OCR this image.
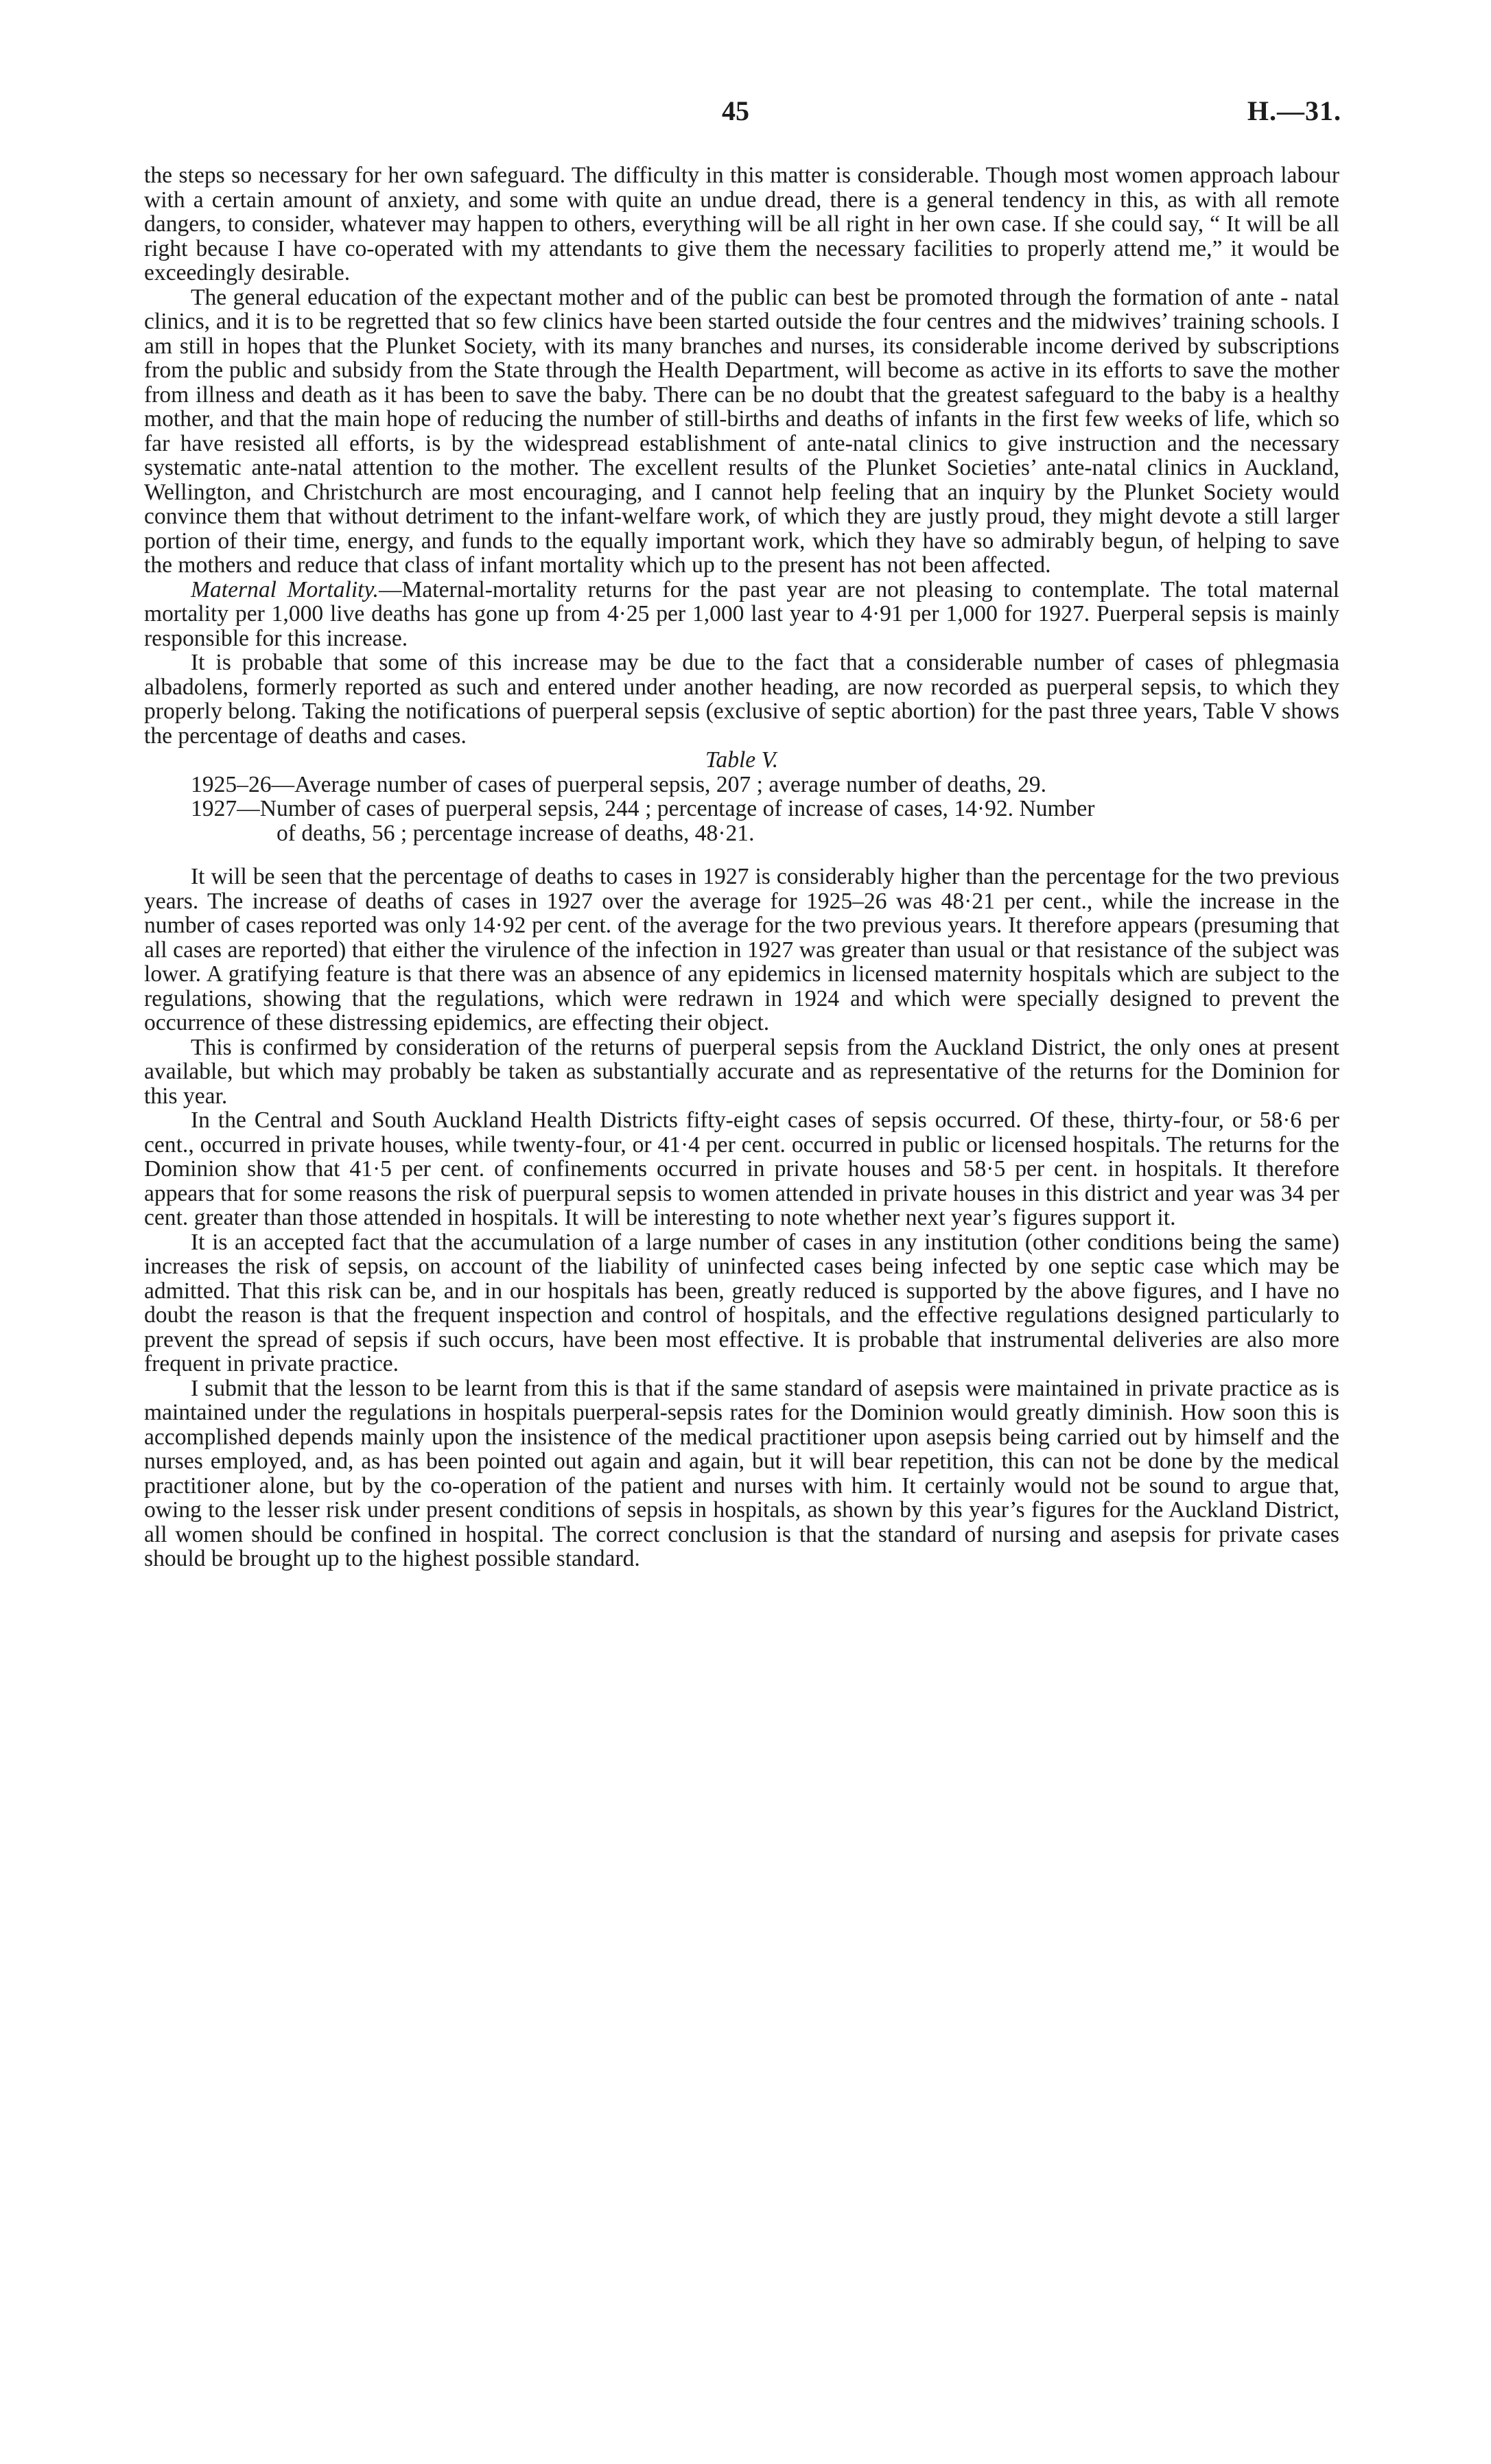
45	H.—31.

the steps so necessary for her own safeguard. The difficulty in this matter is considerable. Though most women approach labour with a certain amount of anxiety, and some with quite an undue dread, there is a general tendency in this, as with all remote dangers, to consider, whatever may happen to others, everything will be all right in her own case. If she could say, “ It will be all right because I have co-operated with my attendants to give them the necessary facilities to properly attend me,” it would be exceedingly desirable.

The general education of the expectant mother and of the public can best be promoted through the formation of ante - natal clinics, and it is to be regretted that so few clinics have been started outside the four centres and the midwives’ training schools. I am still in hopes that the Plunket Society, with its many branches and nurses, its considerable income derived by subscriptions from the public and subsidy from the State through the Health Department, will become as active in its efforts to save the mother from illness and death as it has been to save the baby. There can be no doubt that the greatest safeguard to the baby is a healthy mother, and that the main hope of reducing the number of still-births and deaths of infants in the first few weeks of life, which so far have resisted all efforts, is by the widespread establishment of ante-natal clinics to give instruction and the necessary systematic ante-natal attention to the mother. The excellent results of the Plunket Societies’ ante-natal clinics in Auckland, Wellington, and Christchurch are most encouraging, and I cannot help feeling that an inquiry by the Plunket Society would convince them that without detriment to the infant-welfare work, of which they are justly proud, they might devote a still larger portion of their time, energy, and funds to the equally important work, which they have so admirably begun, of helping to save the mothers and reduce that class of infant mortality which up to the present has not been affected.

Maternal Mortality.—Maternal-mortality returns for the past year are not pleasing to contemplate. The total maternal mortality per 1,000 live deaths has gone up from 4·25 per 1,000 last year to 4·91 per 1,000 for 1927. Puerperal sepsis is mainly responsible for this increase.

It is probable that some of this increase may be due to the fact that a considerable number of cases of phlegmasia albadolens, formerly reported as such and entered under another heading, are now recorded as puerperal sepsis, to which they properly belong. Taking the notifications of puerperal sepsis (exclusive of septic abortion) for the past three years, Table V shows the percentage of deaths and cases.

Table V.

1925–26—Average number of cases of puerperal sepsis, 207 ; average number of deaths, 29.

1927—Number of cases of puerperal sepsis, 244 ; percentage of increase of cases, 14·92. Number
of deaths, 56 ; percentage increase of deaths, 48·21.

It will be seen that the percentage of deaths to cases in 1927 is considerably higher than the percentage for the two previous years. The increase of deaths of cases in 1927 over the average for 1925–26 was 48·21 per cent., while the increase in the number of cases reported was only 14·92 per cent. of the average for the two previous years. It therefore appears (presuming that all cases are reported) that either the virulence of the infection in 1927 was greater than usual or that resistance of the subject was lower. A gratifying feature is that there was an absence of any epidemics in licensed maternity hospitals which are subject to the regulations, showing that the regulations, which were redrawn in 1924 and which were specially designed to prevent the occurrence of these distressing epidemics, are effecting their object.

This is confirmed by consideration of the returns of puerperal sepsis from the Auckland District, the only ones at present available, but which may probably be taken as substantially accurate and as representative of the returns for the Dominion for this year.

In the Central and South Auckland Health Districts fifty-eight cases of sepsis occurred. Of these, thirty-four, or 58·6 per cent., occurred in private houses, while twenty-four, or 41·4 per cent. occurred in public or licensed hospitals. The returns for the Dominion show that 41·5 per cent. of confinements occurred in private houses and 58·5 per cent. in hospitals. It therefore appears that for some reasons the risk of puerpural sepsis to women attended in private houses in this district and year was 34 per cent. greater than those attended in hospitals. It will be interesting to note whether next year’s figures support it.

It is an accepted fact that the accumulation of a large number of cases in any institution (other conditions being the same) increases the risk of sepsis, on account of the liability of uninfected cases being infected by one septic case which may be admitted. That this risk can be, and in our hospitals has been, greatly reduced is supported by the above figures, and I have no doubt the reason is that the frequent inspection and control of hospitals, and the effective regulations designed particularly to prevent the spread of sepsis if such occurs, have been most effective. It is probable that instrumental deliveries are also more frequent in private practice.

I submit that the lesson to be learnt from this is that if the same standard of asepsis were maintained in private practice as is maintained under the regulations in hospitals puerperal-sepsis rates for the Dominion would greatly diminish. How soon this is accomplished depends mainly upon the insistence of the medical practitioner upon asepsis being carried out by himself and the nurses employed, and, as has been pointed out again and again, but it will bear repetition, this can not be done by the medical practitioner alone, but by the co-operation of the patient and nurses with him. It certainly would not be sound to argue that, owing to the lesser risk under present conditions of sepsis in hospitals, as shown by this year’s figures for the Auckland District, all women should be confined in hospital. The correct conclusion is that the standard of nursing and asepsis for private cases should be brought up to the highest possible standard.
